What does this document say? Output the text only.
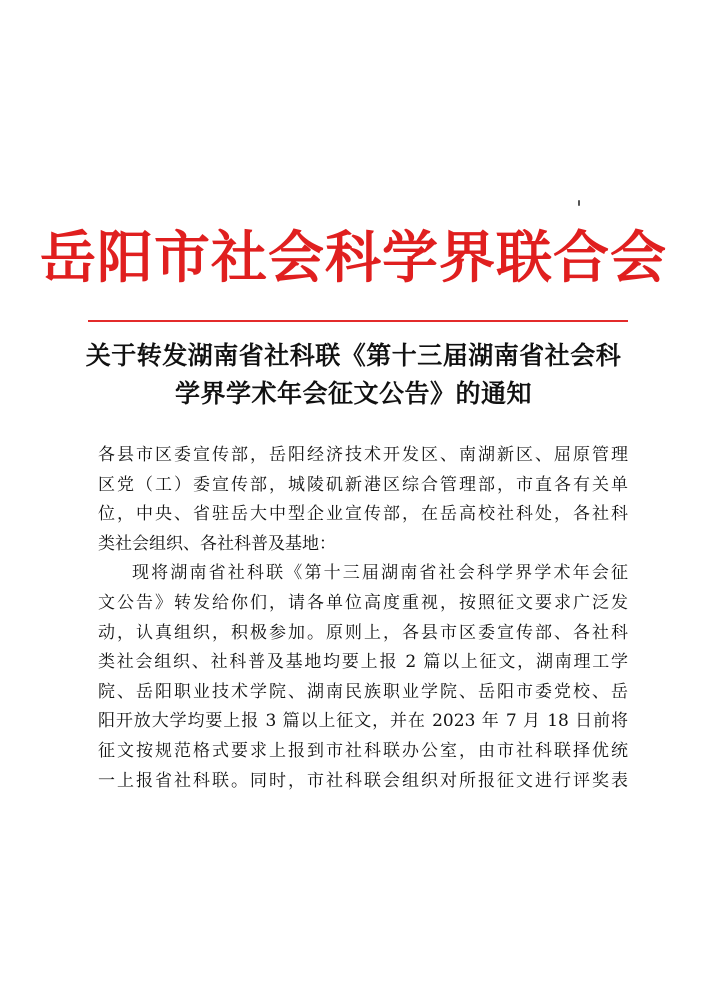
岳阳市社会科学界联合会
关于转发湖南省社科联《第十三届湖南省社会科
学界学术年会征文公告》的通知
各县市区委宣传部，岳阳经济技术开发区、南湖新区、屈原管理
区党（工）委宣传部，城陵矶新港区综合管理部，市直各有关单
位，中央、省驻岳大中型企业宣传部，在岳高校社科处，各社科
类社会组织、各社科普及基地：
现将湖南省社科联《第十三届湖南省社会科学界学术年会征
文公告》转发给你们，请各单位高度重视，按照征文要求广泛发
动，认真组织，积极参加。原则上，各县市区委宣传部、各社科
类社会组织、社科普及基地均要上报 2 篇以上征文，湖南理工学
院、岳阳职业技术学院、湖南民族职业学院、岳阳市委党校、岳
阳开放大学均要上报 3 篇以上征文，并在 2023 年 7 月 18 日前将
征文按规范格式要求上报到市社科联办公室，由市社科联择优统
一上报省社科联。同时，市社科联会组织对所报征文进行评奖表
